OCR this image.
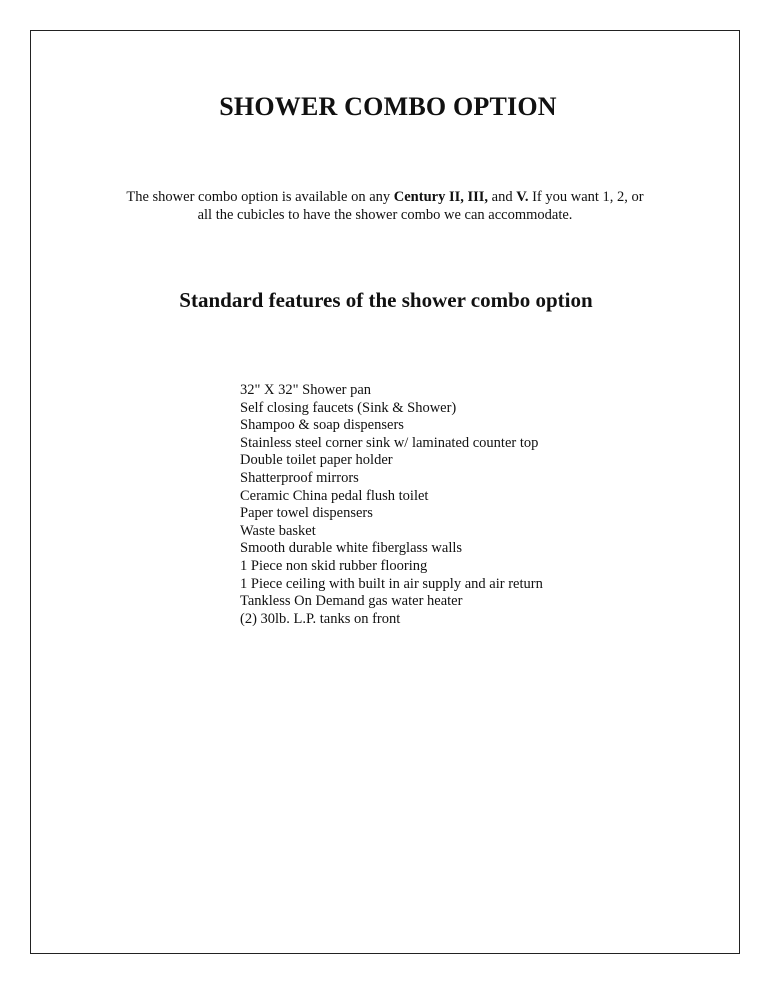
SHOWER COMBO OPTION

The shower combo option is available on any Century II, III, and V. If you want 1, 2, or all the cubicles to have the shower combo we can accommodate.

Standard features of the shower combo option
32" X 32" Shower pan
Self closing faucets (Sink & Shower)
Shampoo & soap dispensers
Stainless steel corner sink w/ laminated counter top
Double toilet paper holder
Shatterproof mirrors
Ceramic China pedal flush toilet
Paper towel dispensers
Waste basket
Smooth durable white fiberglass walls
1 Piece non skid rubber flooring
1 Piece ceiling with built in air supply and air return
Tankless On Demand gas water heater
(2) 30lb. L.P. tanks on front
